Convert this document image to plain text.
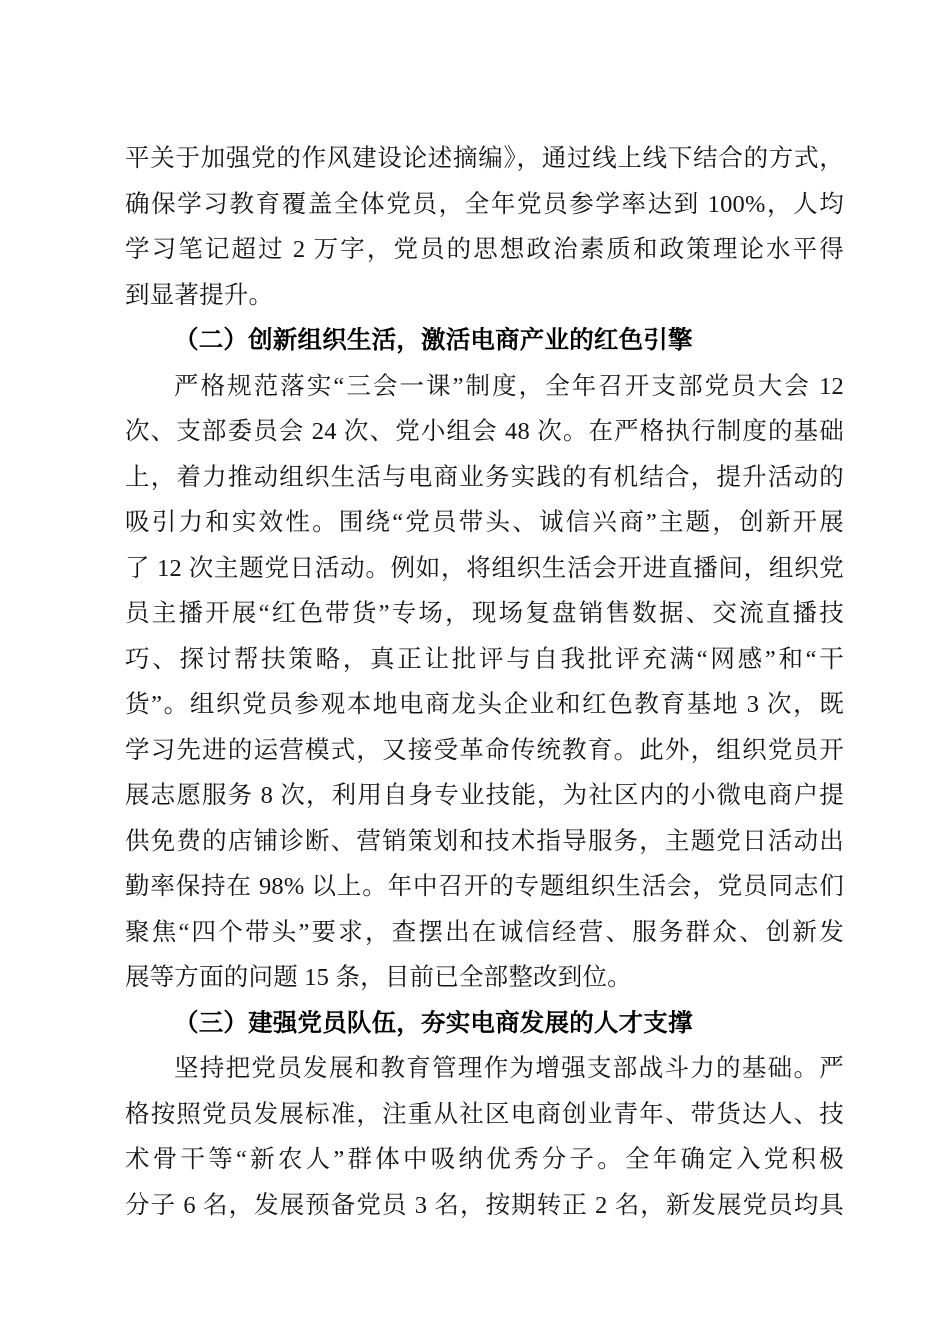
平关于加强党的作风建设论述摘编》，通过线上线下结合的方式，
确保学习教育覆盖全体党员，全年党员参学率达到 100%，人均
学习笔记超过 2 万字，党员的思想政治素质和政策理论水平得
到显著提升。
（二）创新组织生活，激活电商产业的红色引擎
严格规范落实“三会一课”制度，全年召开支部党员大会 12
次、支部委员会 24 次、党小组会 48 次。在严格执行制度的基础
上，着力推动组织生活与电商业务实践的有机结合，提升活动的
吸引力和实效性。围绕“党员带头、诚信兴商”主题，创新开展
了 12 次主题党日活动。例如，将组织生活会开进直播间，组织党
员主播开展“红色带货”专场，现场复盘销售数据、交流直播技
巧、探讨帮扶策略，真正让批评与自我批评充满“网感”和“干
货”。组织党员参观本地电商龙头企业和红色教育基地 3 次，既
学习先进的运营模式，又接受革命传统教育。此外，组织党员开
展志愿服务 8 次，利用自身专业技能，为社区内的小微电商户提
供免费的店铺诊断、营销策划和技术指导服务，主题党日活动出
勤率保持在 98% 以上。年中召开的专题组织生活会，党员同志们
聚焦“四个带头”要求，查摆出在诚信经营、服务群众、创新发
展等方面的问题 15 条，目前已全部整改到位。
（三）建强党员队伍，夯实电商发展的人才支撑
坚持把党员发展和教育管理作为增强支部战斗力的基础。严
格按照党员发展标准，注重从社区电商创业青年、带货达人、技
术骨干等“新农人”群体中吸纳优秀分子。全年确定入党积极
分子 6 名，发展预备党员 3 名，按期转正 2 名，新发展党员均具
